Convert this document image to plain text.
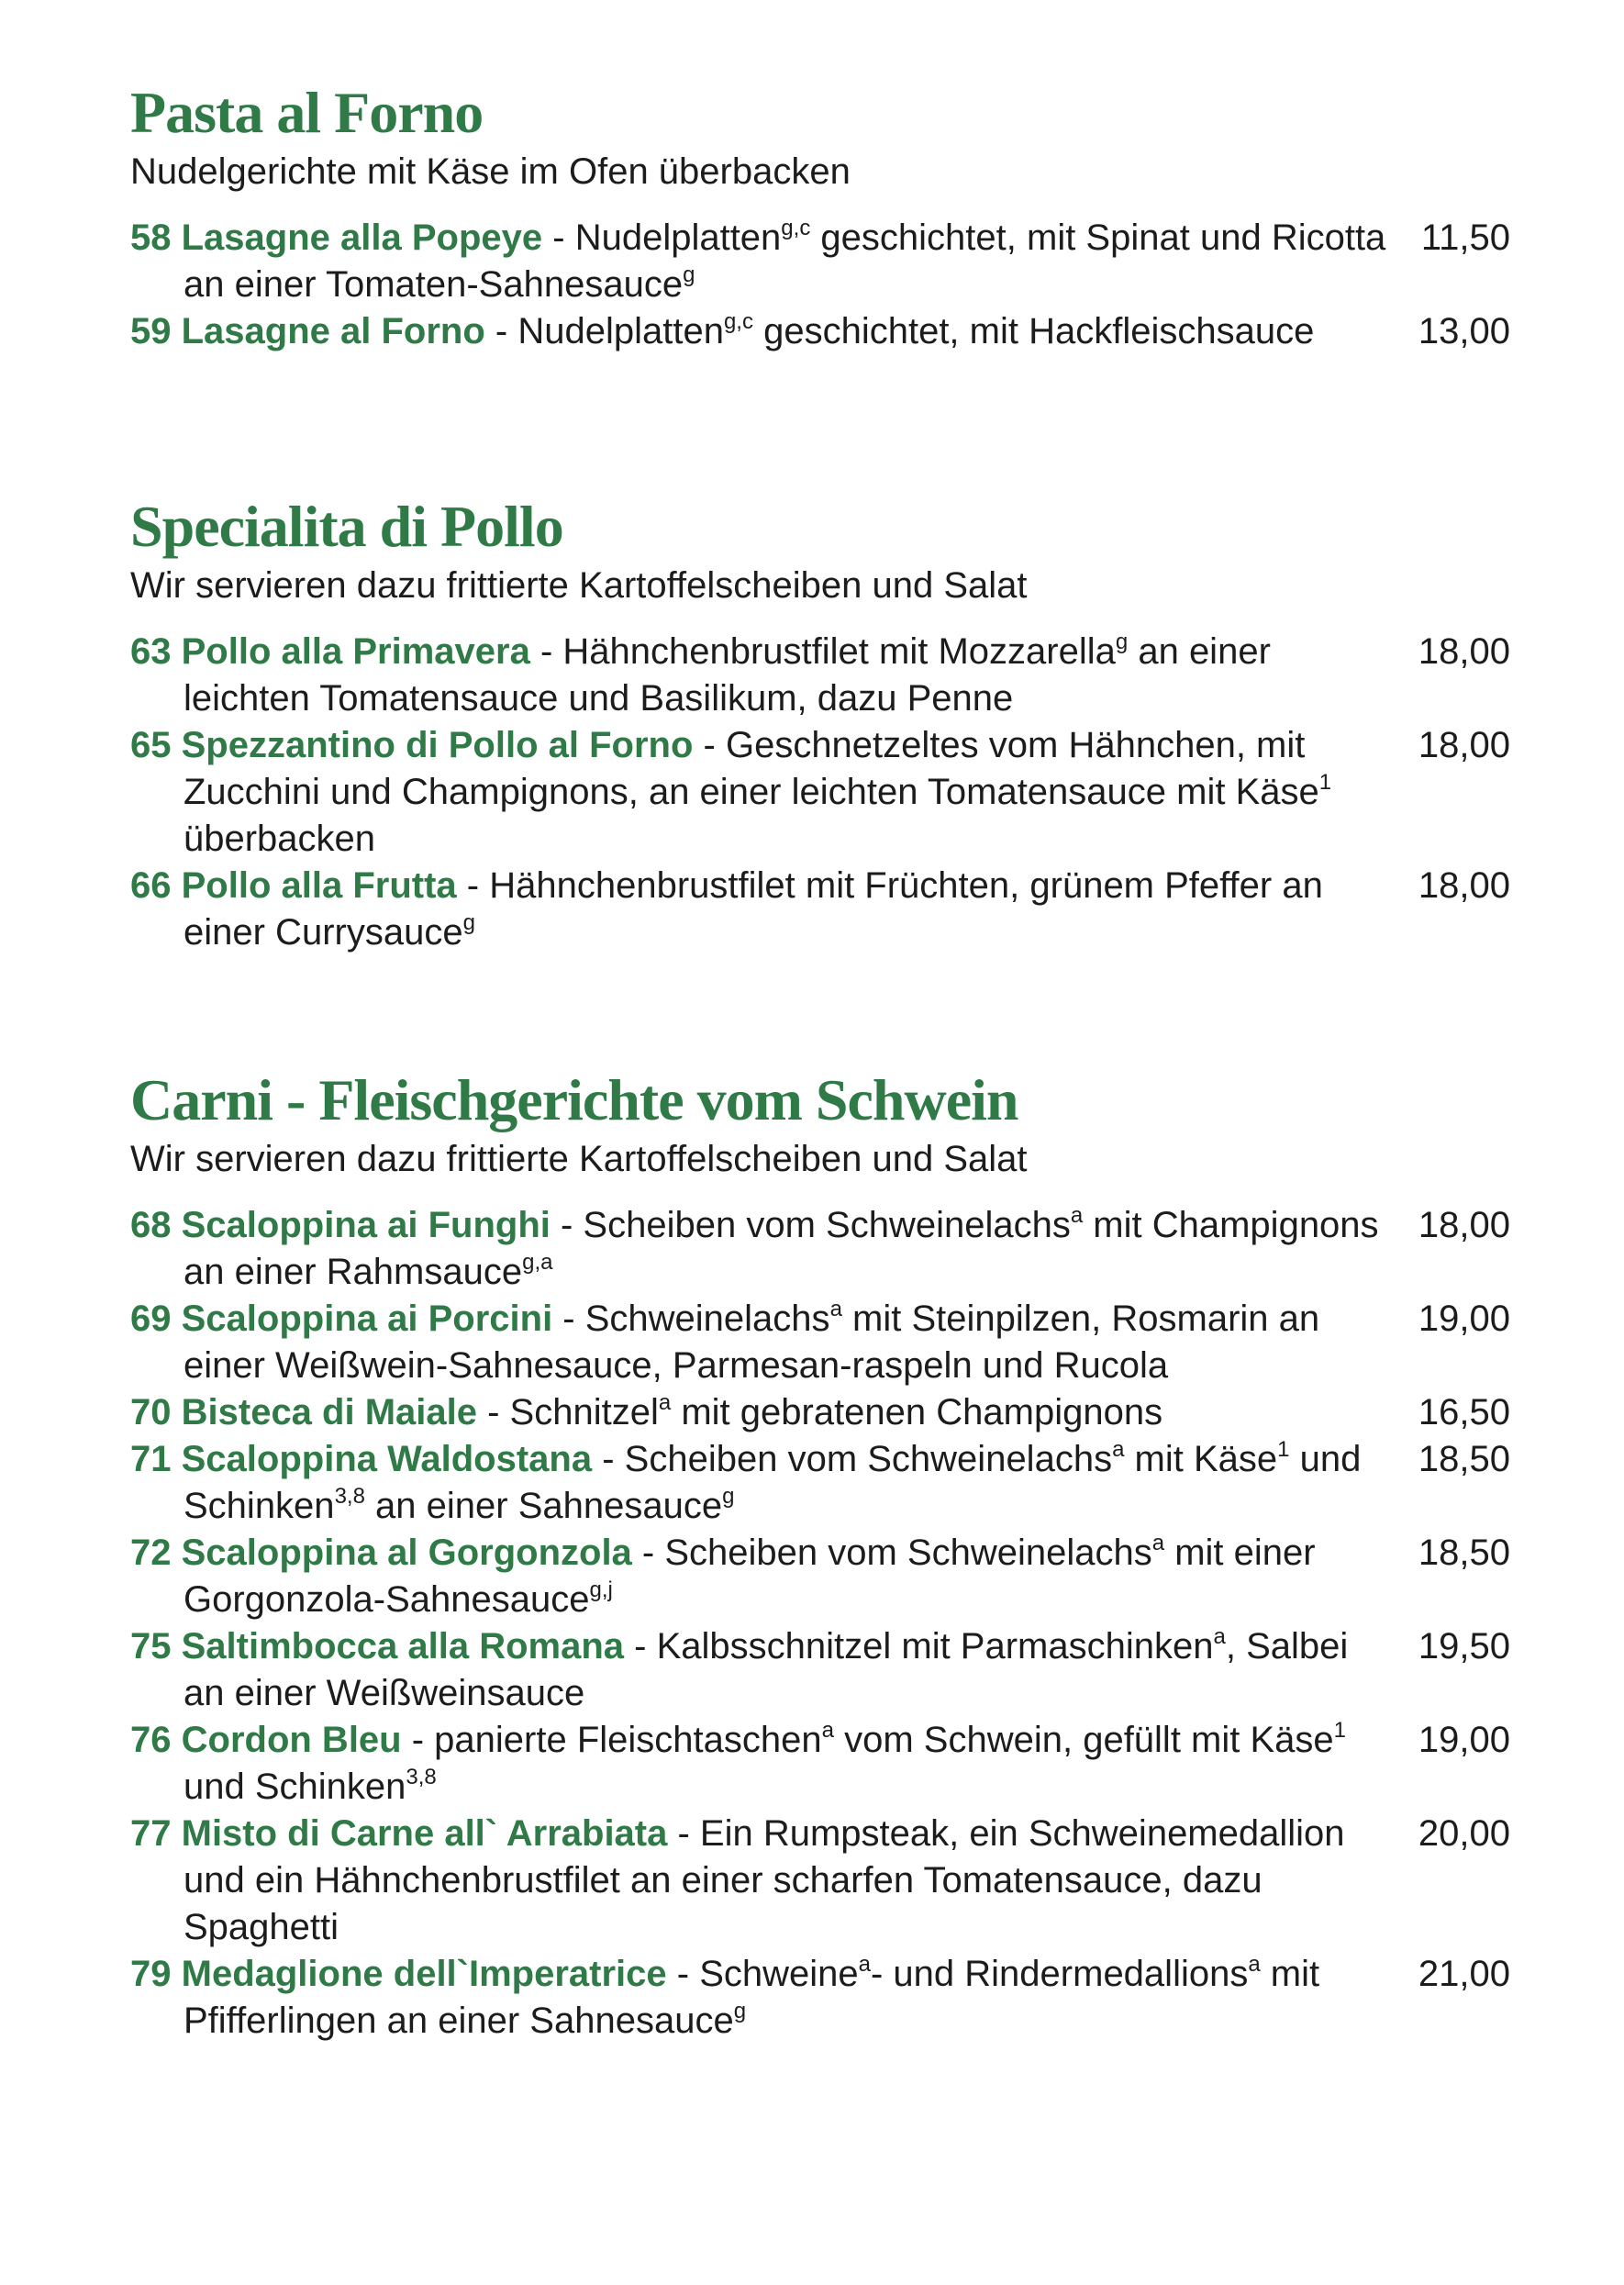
Pasta al Forno

Nudelgerichte mit Käse im Ofen überbacken

58 Lasagne alla Popeye - Nudelplatten$^{g,c}$ geschichtet, mit Spinat und Ricotta an einer Tomaten-Sahnesauce$^g$
11,50
59 Lasagne al Forno - Nudelplatten$^{g,c}$ geschichtet, mit Hackfleischsauce	13,00
Specialita di Pollo

Wir servieren dazu frittierte Kartoffelscheiben und Salat

63 Pollo alla Primavera - Hähnchenbrustfilet mit Mozzarella$^g$ an einer leichten Tomatensauce und Basilikum, dazu Penne
18,00
65 Spezzantino di Pollo al Forno - Geschnetzeltes vom Hähnchen, mit Zucchini und Champignons, an einer leichten Tomatensauce mit Käse$^1$ überbacken
18,00
66 Pollo alla Frutta - Hähnchenbrustfilet mit Früchten, grünem Pfeffer an einer Currysauce$^g$
18,00
Carni - Fleischgerichte vom Schwein

Wir servieren dazu frittierte Kartoffelscheiben und Salat

68 Scaloppina ai Funghi - Scheiben vom Schweinelachs$^a$ mit Champignons an einer Rahmsauce$^{g,a}$
18,00
69 Scaloppina ai Porcini - Schweinelachs$^a$ mit Steinpilzen, Rosmarin an einer Weißwein-Sahnesauce, Parmesan-raspeln und Rucola
19,00
70 Bisteca di Maiale - Schnitzel$^a$ mit gebratenen Champignons	16,50
71 Scaloppina Waldostana - Scheiben vom Schweinelachs$^a$ mit Käse$^1$ und Schinken$^{3,8}$ an einer Sahnesauce$^g$
18,50
72 Scaloppina al Gorgonzola - Scheiben vom Schweinelachs$^a$ mit einer Gorgonzola-Sahnesauce$^{g,j}$
18,50
75 Saltimbocca alla Romana - Kalbsschnitzel mit Parmaschinken$^a$, Salbei an einer Weißweinsauce
19,50
76 Cordon Bleu - panierte Fleischtaschen$^a$ vom Schwein, gefüllt mit Käse$^1$ und Schinken$^{3,8}$
19,00
77 Misto di Carne all` Arrabiata - Ein Rumpsteak, ein Schweinemedallion und ein Hähnchenbrustfilet an einer scharfen Tomatensauce, dazu Spaghetti
20,00
79 Medaglione dell`Imperatrice - Schweine$^a$- und Rindermedallions$^a$ mit Pfifferlingen an einer Sahnesauce$^g$
21,00
